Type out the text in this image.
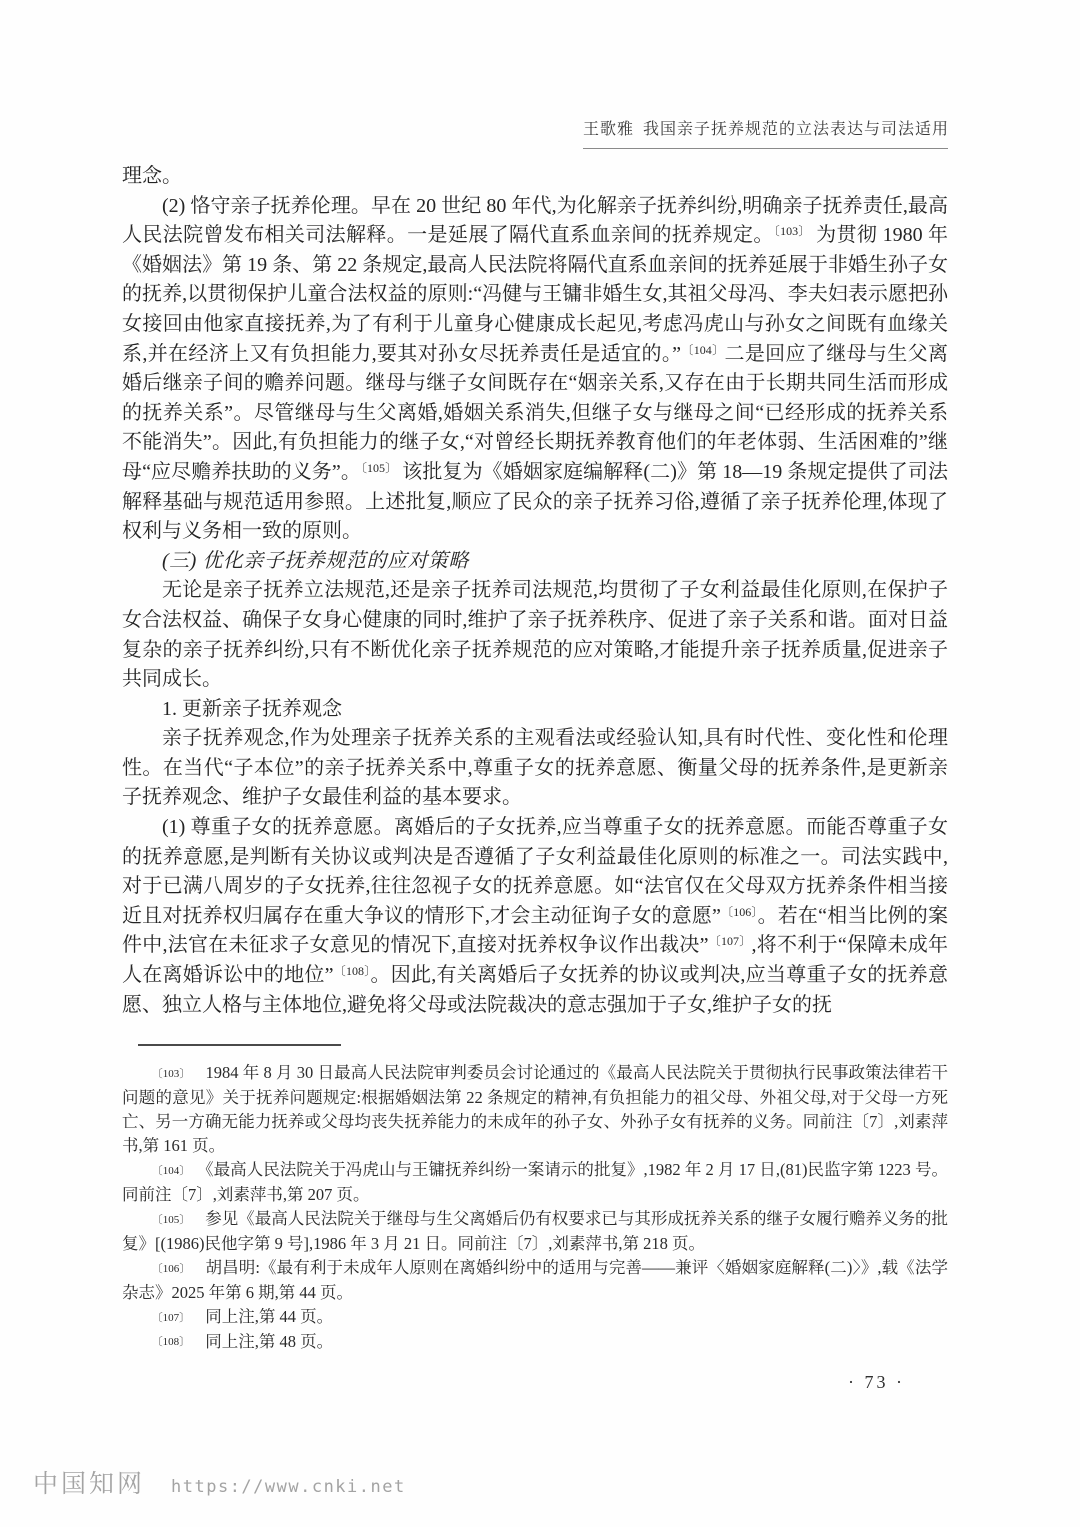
王歌雅 我国亲子抚养规范的立法表达与司法适用

理念。

(2) 恪守亲子抚养伦理。早在 20 世纪 80 年代,为化解亲子抚养纠纷,明确亲子抚养责任,最高人民法院曾发布相关司法解释。一是延展了隔代直系血亲间的抚养规定。$^{〔103〕}$ 为贯彻 1980 年《婚姻法》第 19 条、第 22 条规定,最高人民法院将隔代直系血亲间的抚养延展于非婚生孙子女的抚养,以贯彻保护儿童合法权益的原则:“冯健与王镛非婚生女,其祖父母冯、李夫妇表示愿把孙女接回由他家直接抚养,为了有利于儿童身心健康成长起见,考虑冯虎山与孙女之间既有血缘关系,并在经济上又有负担能力,要其对孙女尽抚养责任是适宜的。”$^{〔104〕}$二是回应了继母与生父离婚后继亲子间的赡养问题。继母与继子女间既存在“姻亲关系,又存在由于长期共同生活而形成的抚养关系”。尽管继母与生父离婚,婚姻关系消失,但继子女与继母之间“已经形成的抚养关系不能消失”。因此,有负担能力的继子女,“对曾经长期抚养教育他们的年老体弱、生活困难的”继母“应尽赡养扶助的义务”。$^{〔105〕}$ 该批复为《婚姻家庭编解释(二)》第 18—19 条规定提供了司法解释基础与规范适用参照。上述批复,顺应了民众的亲子抚养习俗,遵循了亲子抚养伦理,体现了权利与义务相一致的原则。

(三) 优化亲子抚养规范的应对策略

无论是亲子抚养立法规范,还是亲子抚养司法规范,均贯彻了子女利益最佳化原则,在保护子女合法权益、确保子女身心健康的同时,维护了亲子抚养秩序、促进了亲子关系和谐。面对日益复杂的亲子抚养纠纷,只有不断优化亲子抚养规范的应对策略,才能提升亲子抚养质量,促进亲子共同成长。

1. 更新亲子抚养观念

亲子抚养观念,作为处理亲子抚养关系的主观看法或经验认知,具有时代性、变化性和伦理性。在当代“子本位”的亲子抚养关系中,尊重子女的抚养意愿、衡量父母的抚养条件,是更新亲子抚养观念、维护子女最佳利益的基本要求。

(1) 尊重子女的抚养意愿。离婚后的子女抚养,应当尊重子女的抚养意愿。而能否尊重子女的抚养意愿,是判断有关协议或判决是否遵循了子女利益最佳化原则的标准之一。司法实践中,对于已满八周岁的子女抚养,往往忽视子女的抚养意愿。如“法官仅在父母双方抚养条件相当接近且对抚养权归属存在重大争议的情形下,才会主动征询子女的意愿”$^{〔106〕}$。若在“相当比例的案件中,法官在未征求子女意见的情况下,直接对抚养权争议作出裁决”$^{〔107〕}$,将不利于“保障未成年人在离婚诉讼中的地位”$^{〔108〕}$。因此,有关离婚后子女抚养的协议或判决,应当尊重子女的抚养意愿、独立人格与主体地位,避免将父母或法院裁决的意志强加于子女,维护子女的抚

〔103〕 1984 年 8 月 30 日最高人民法院审判委员会讨论通过的《最高人民法院关于贯彻执行民事政策法律若干问题的意见》关于抚养问题规定:根据婚姻法第 22 条规定的精神,有负担能力的祖父母、外祖父母,对于父母一方死亡、另一方确无能力抚养或父母均丧失抚养能力的未成年的孙子女、外孙子女有抚养的义务。同前注〔7〕,刘素萍书,第 161 页。

〔104〕 《最高人民法院关于冯虎山与王镛抚养纠纷一案请示的批复》,1982 年 2 月 17 日,(81)民监字第 1223 号。同前注〔7〕,刘素萍书,第 207 页。

〔105〕 参见《最高人民法院关于继母与生父离婚后仍有权要求已与其形成抚养关系的继子女履行赡养义务的批复》[(1986)民他字第 9 号],1986 年 3 月 21 日。同前注〔7〕,刘素萍书,第 218 页。

〔106〕 胡昌明:《最有利于未成年人原则在离婚纠纷中的适用与完善——兼评〈婚姻家庭解释(二)〉》,载《法学杂志》2025 年第 6 期,第 44 页。

〔107〕 同上注,第 44 页。

〔108〕 同上注,第 48 页。

· 73 ·
中国知网 https://www.cnki.net
